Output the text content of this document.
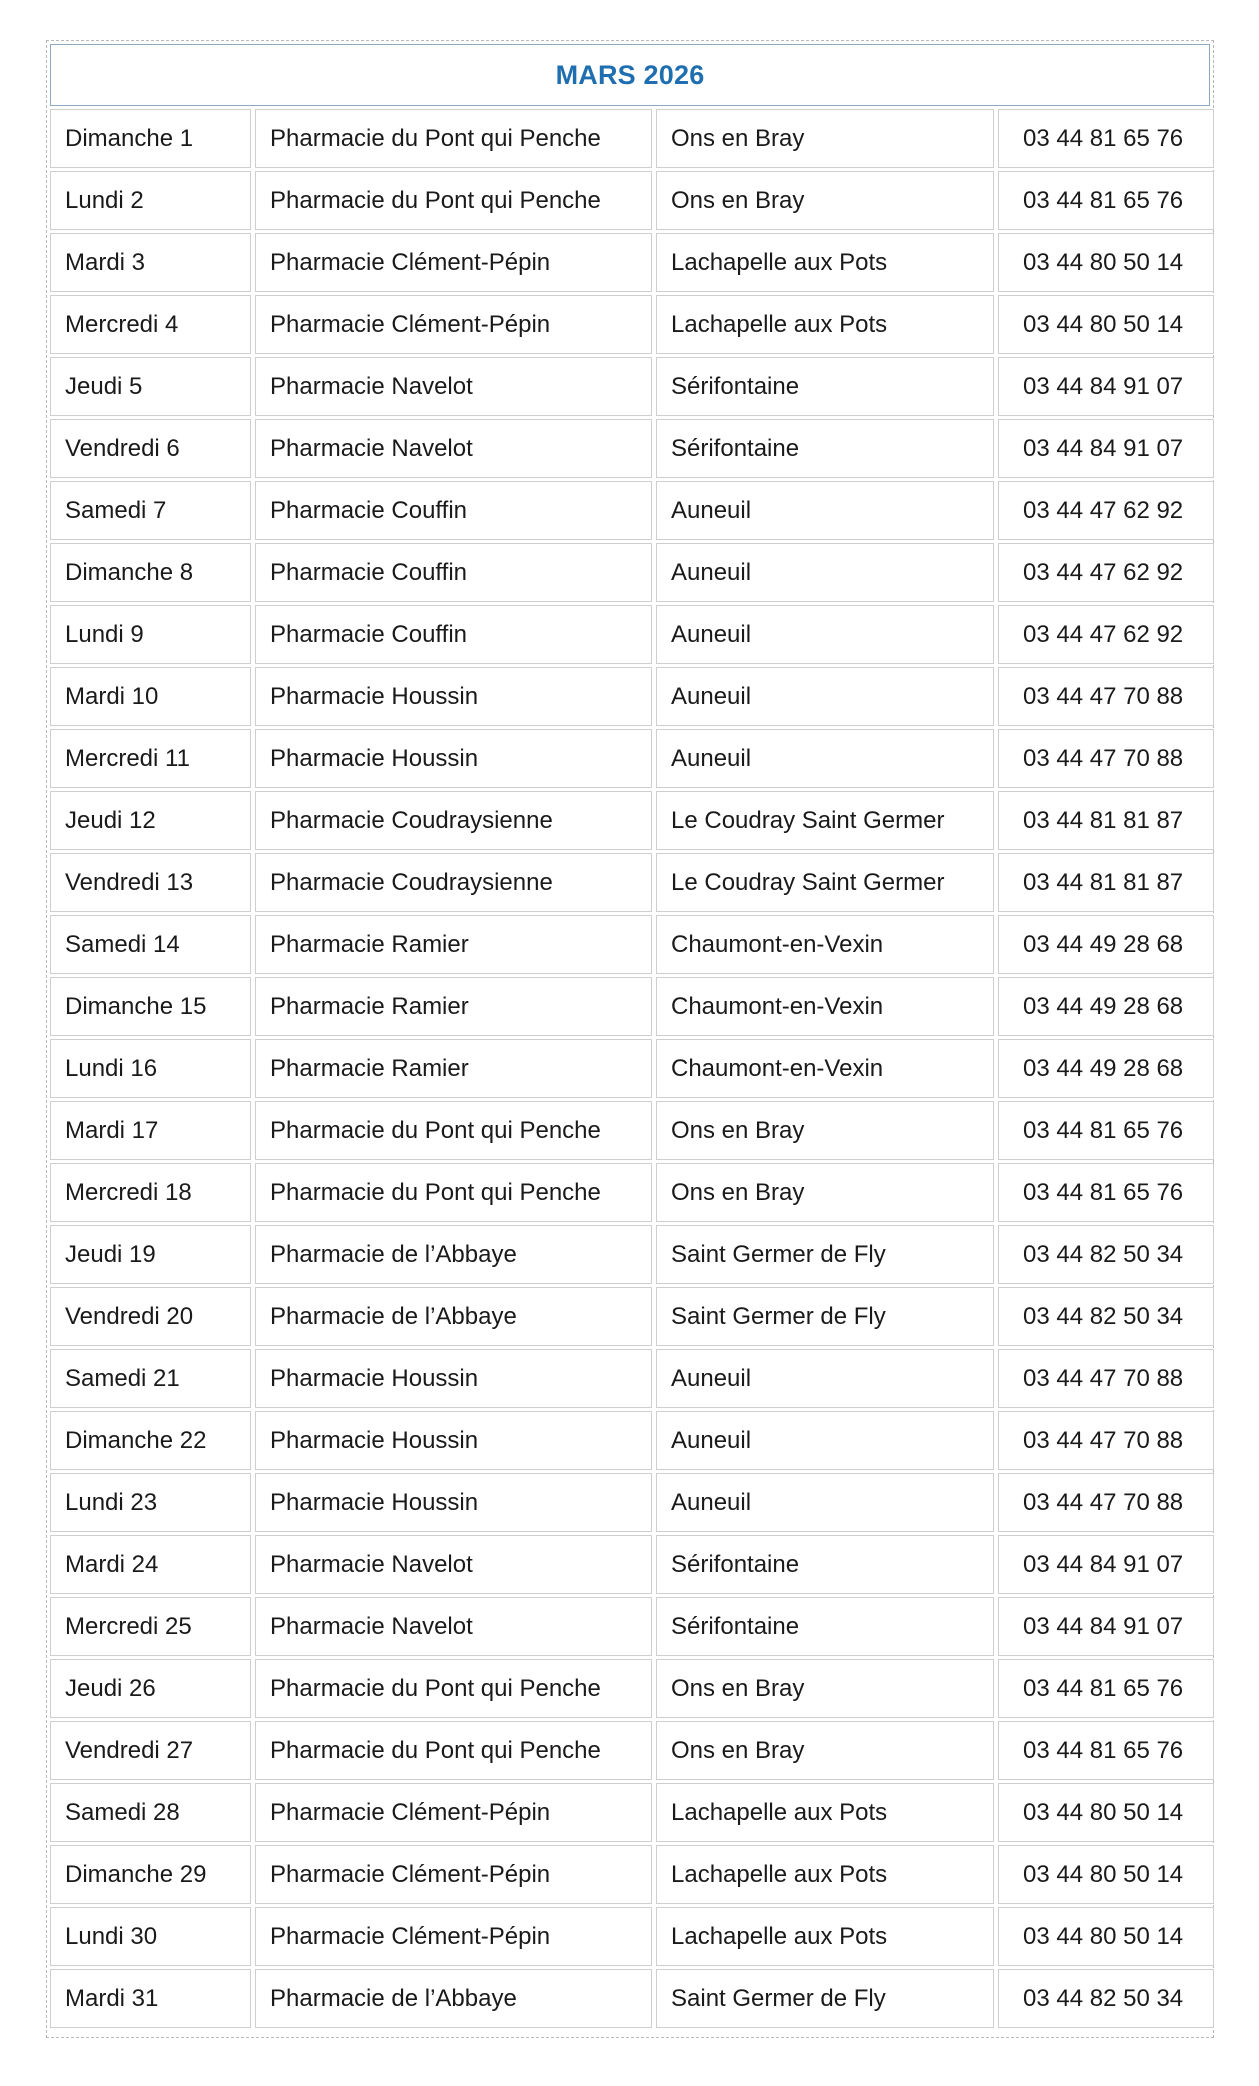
MARS 2026
Dimanche 1	Pharmacie du Pont qui Penche	Ons en Bray	03 44 81 65 76
Lundi 2	Pharmacie du Pont qui Penche	Ons en Bray	03 44 81 65 76
Mardi 3	Pharmacie Clément-Pépin	Lachapelle aux Pots	03 44 80 50 14
Mercredi 4	Pharmacie Clément-Pépin	Lachapelle aux Pots	03 44 80 50 14
Jeudi 5	Pharmacie Navelot	Sérifontaine	03 44 84 91 07
Vendredi 6	Pharmacie Navelot	Sérifontaine	03 44 84 91 07
Samedi 7	Pharmacie Couffin	Auneuil	03 44 47 62 92
Dimanche 8	Pharmacie Couffin	Auneuil	03 44 47 62 92
Lundi 9	Pharmacie Couffin	Auneuil	03 44 47 62 92
Mardi 10	Pharmacie Houssin	Auneuil	03 44 47 70 88
Mercredi 11	Pharmacie Houssin	Auneuil	03 44 47 70 88
Jeudi 12	Pharmacie Coudraysienne	Le Coudray Saint Germer	03 44 81 81 87
Vendredi 13	Pharmacie Coudraysienne	Le Coudray Saint Germer	03 44 81 81 87
Samedi 14	Pharmacie Ramier	Chaumont-en-Vexin	03 44 49 28 68
Dimanche 15	Pharmacie Ramier	Chaumont-en-Vexin	03 44 49 28 68
Lundi 16	Pharmacie Ramier	Chaumont-en-Vexin	03 44 49 28 68
Mardi 17	Pharmacie du Pont qui Penche	Ons en Bray	03 44 81 65 76
Mercredi 18	Pharmacie du Pont qui Penche	Ons en Bray	03 44 81 65 76
Jeudi 19	Pharmacie de l’Abbaye	Saint Germer de Fly	03 44 82 50 34
Vendredi 20	Pharmacie de l’Abbaye	Saint Germer de Fly	03 44 82 50 34
Samedi 21	Pharmacie Houssin	Auneuil	03 44 47 70 88
Dimanche 22	Pharmacie Houssin	Auneuil	03 44 47 70 88
Lundi 23	Pharmacie Houssin	Auneuil	03 44 47 70 88
Mardi 24	Pharmacie Navelot	Sérifontaine	03 44 84 91 07
Mercredi 25	Pharmacie Navelot	Sérifontaine	03 44 84 91 07
Jeudi 26	Pharmacie du Pont qui Penche	Ons en Bray	03 44 81 65 76
Vendredi 27	Pharmacie du Pont qui Penche	Ons en Bray	03 44 81 65 76
Samedi 28	Pharmacie Clément-Pépin	Lachapelle aux Pots	03 44 80 50 14
Dimanche 29	Pharmacie Clément-Pépin	Lachapelle aux Pots	03 44 80 50 14
Lundi 30	Pharmacie Clément-Pépin	Lachapelle aux Pots	03 44 80 50 14
Mardi 31	Pharmacie de l’Abbaye	Saint Germer de Fly	03 44 82 50 34
